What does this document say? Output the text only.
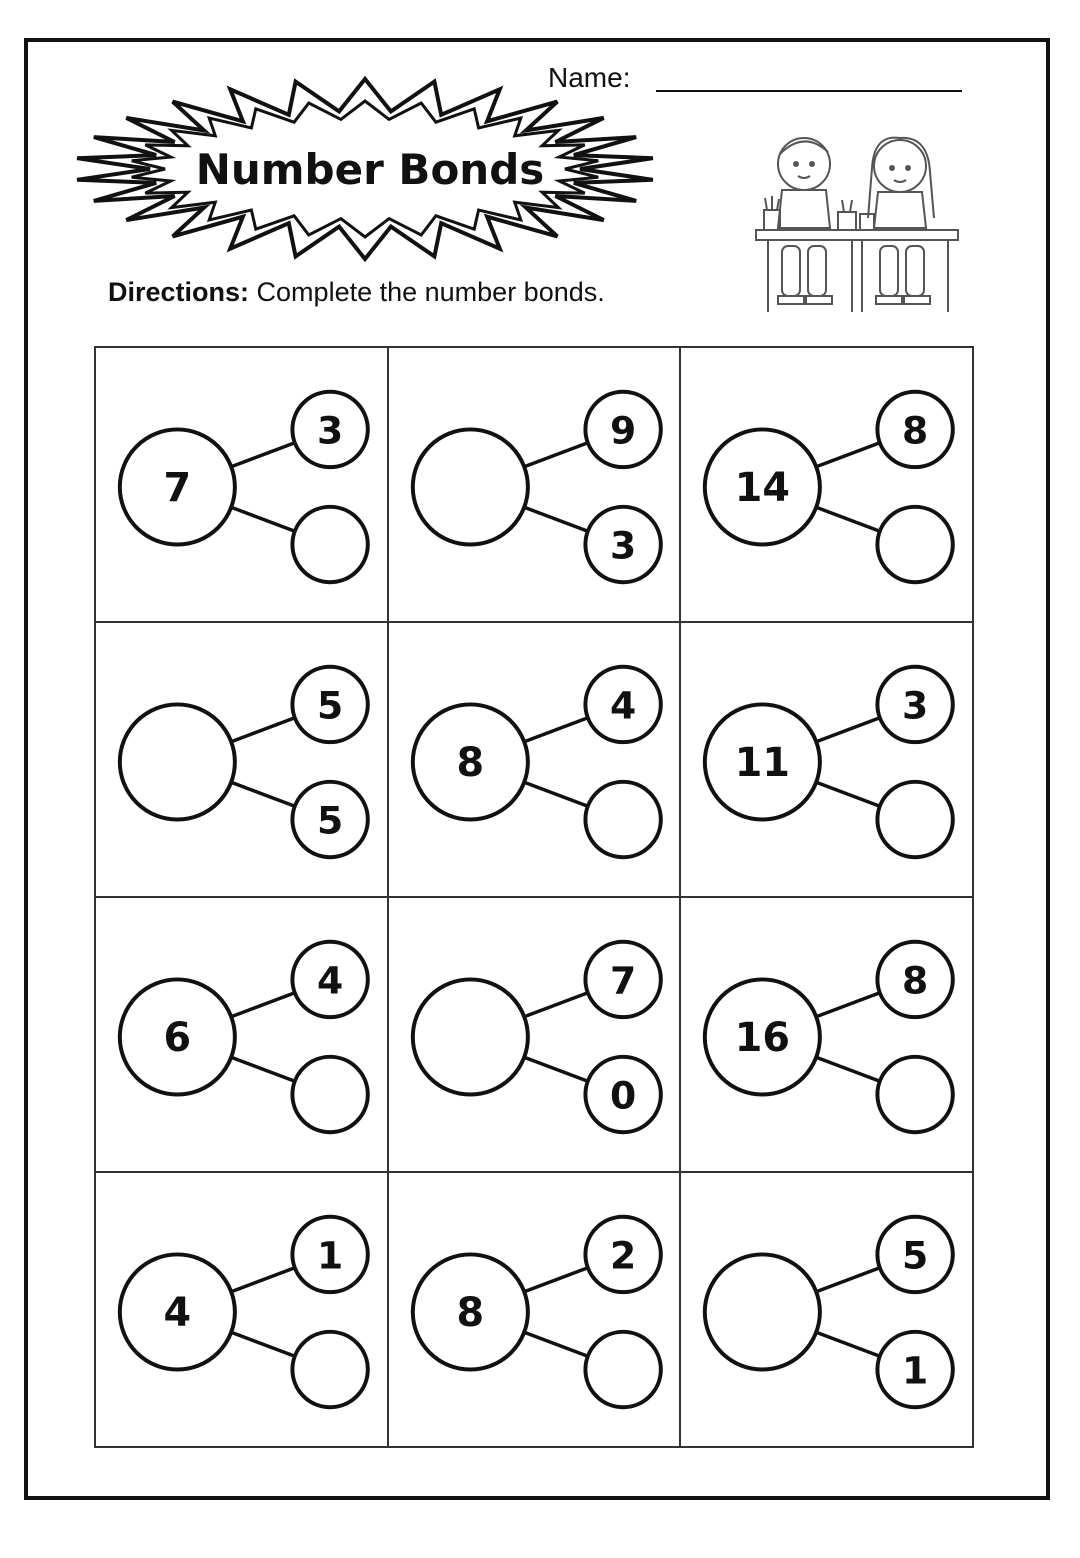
Name:
Number Bonds
Directions: Complete the number bonds.
7
3	9
3
14
8
5
5
8
4
11
3
6
4	7
0
16
8
4
1
8
2	5
1
